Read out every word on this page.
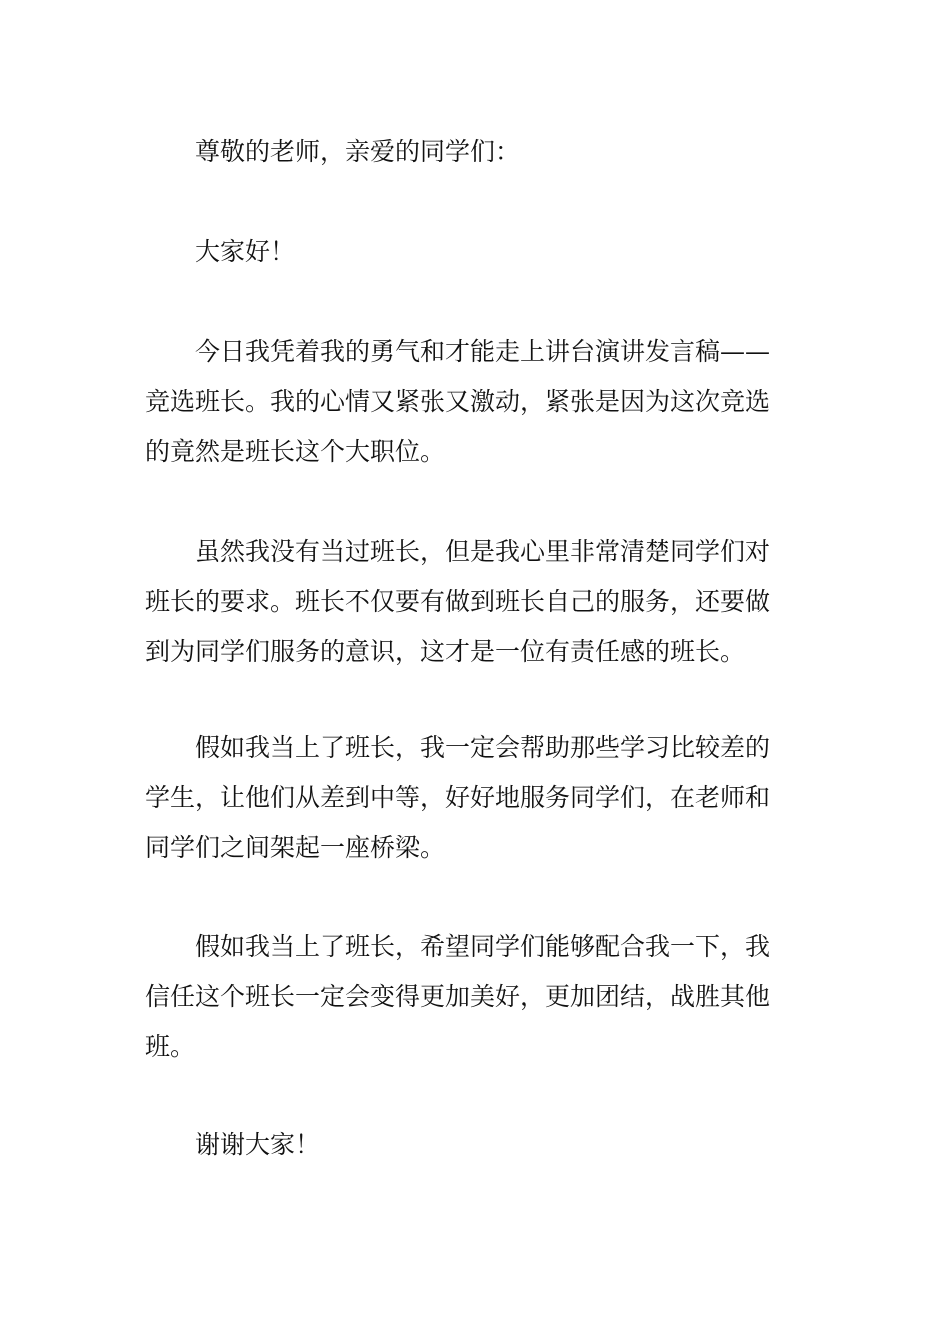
尊敬的老师，亲爱的同学们：

大家好！

今日我凭着我的勇气和才能走上讲台演讲发言稿——
竞选班长。我的心情又紧张又激动，紧张是因为这次竞选
的竟然是班长这个大职位。

虽然我没有当过班长，但是我心里非常清楚同学们对
班长的要求。班长不仅要有做到班长自己的服务，还要做
到为同学们服务的意识，这才是一位有责任感的班长。

假如我当上了班长，我一定会帮助那些学习比较差的
学生，让他们从差到中等，好好地服务同学们，在老师和
同学们之间架起一座桥梁。

假如我当上了班长，希望同学们能够配合我一下，我
信任这个班长一定会变得更加美好，更加团结，战胜其他
班。

谢谢大家！
